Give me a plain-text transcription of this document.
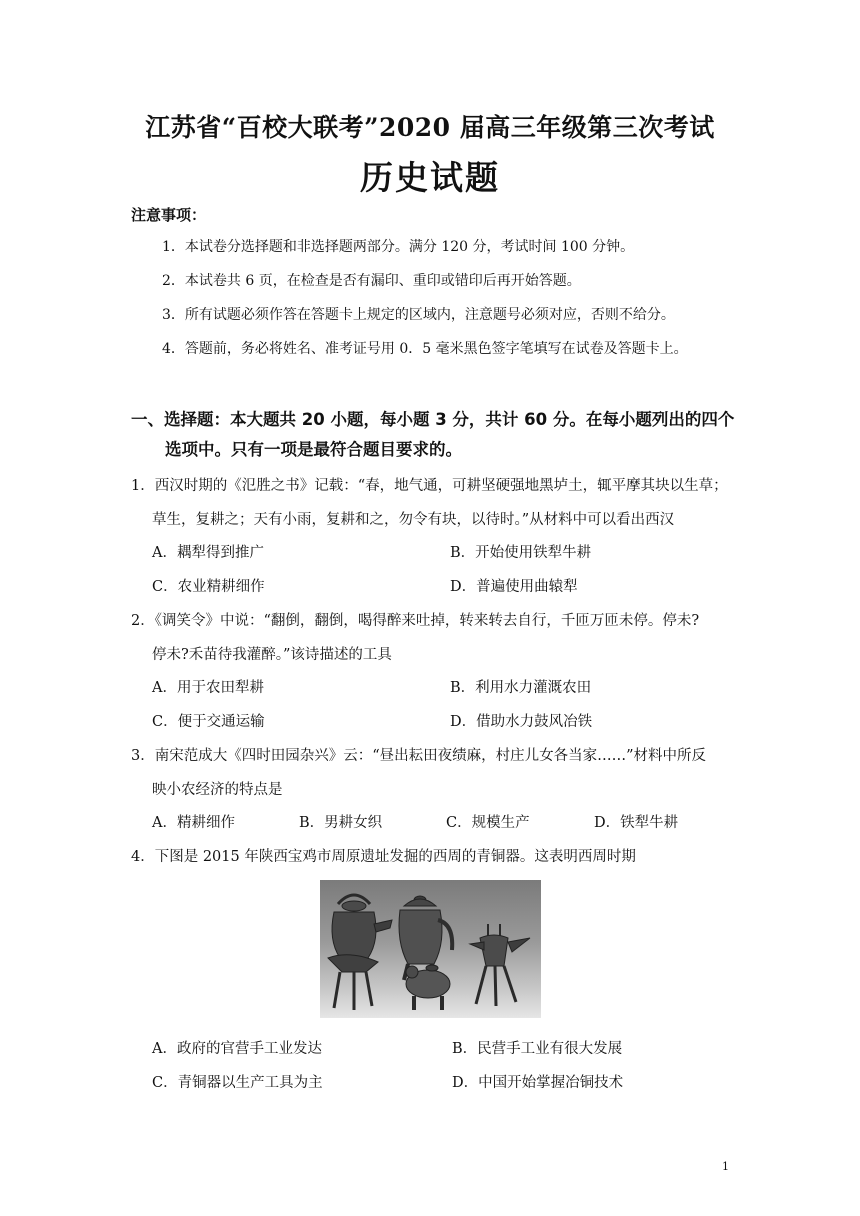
江苏省“百校大联考”2020 届高三年级第三次考试
历史试题
注意事项：
1．本试卷分选择题和非选择题两部分。满分 120 分，考试时间 100 分钟。
2．本试卷共 6 页，在检查是否有漏印、重印或错印后再开始答题。
3．所有试题必须作答在答题卡上规定的区域内，注意题号必须对应，否则不给分。
4．答题前，务必将姓名、准考证号用 0．5 毫米黑色签字笔填写在试卷及答题卡上。
一、选择题：本大题共 20 小题，每小题 3 分，共计 60 分。在每小题列出的四个
选项中。只有一项是最符合题目要求的。
1．西汉时期的《氾胜之书》记载：“春，地气通，可耕坚硬强地黑垆土，辄平摩其块以生草；
草生，复耕之；天有小雨，复耕和之，勿令有块，以待时。”从材料中可以看出西汉
A．耦犁得到推广	B．开始使用铁犁牛耕
C．农业精耕细作	D．普遍使用曲辕犁
2．《调笑令》中说：“翻倒，翻倒，喝得醉来吐掉，转来转去自行，千匝万匝未停。停未?
停未?禾苗待我灌醉。”该诗描述的工具
A．用于农田犁耕	B．利用水力灌溉农田
C．便于交通运输	D．借助水力鼓风冶铁
3．南宋范成大《四时田园杂兴》云：“昼出耘田夜绩麻，村庄儿女各当家……”材料中所反
映小农经济的特点是
A．精耕细作	B．男耕女织	C．规模生产	D．铁犁牛耕
4．下图是 2015 年陕西宝鸡市周原遗址发掘的西周的青铜器。这表明西周时期
A．政府的官营手工业发达	B．民营手工业有很大发展
C．青铜器以生产工具为主	D．中国开始掌握冶铜技术
1
